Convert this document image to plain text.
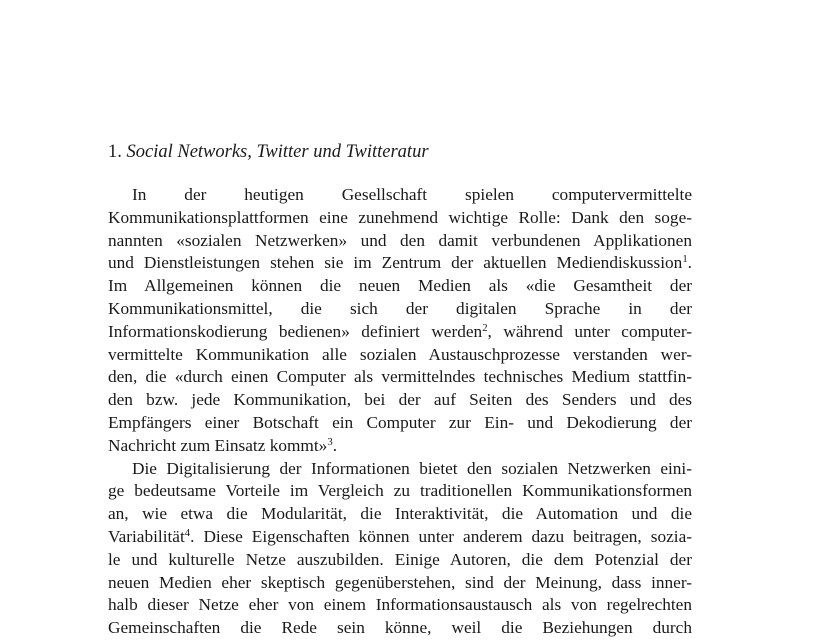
1. Social Networks, Twitter und Twitteratur
In der heutigen Gesellschaft spielen computervermittelte
Kommunikationsplattformen eine zunehmend wichtige Rolle: Dank den soge-
nannten «sozialen Netzwerken» und den damit verbundenen Applikationen
und Dienstleistungen stehen sie im Zentrum der aktuellen Mediendiskussion$^1$.
Im Allgemeinen können die neuen Medien als «die Gesamtheit der
Kommunikationsmittel, die sich der digitalen Sprache in der
Informationskodierung bedienen» definiert werden$^2$, während unter computer-
vermittelte Kommunikation alle sozialen Austauschprozesse verstanden wer-
den, die «durch einen Computer als vermittelndes technisches Medium stattfin-
den bzw. jede Kommunikation, bei der auf Seiten des Senders und des
Empfängers einer Botschaft ein Computer zur Ein- und Dekodierung der
Nachricht zum Einsatz kommt»$^3$.
Die Digitalisierung der Informationen bietet den sozialen Netzwerken eini-
ge bedeutsame Vorteile im Vergleich zu traditionellen Kommunikationsformen
an, wie etwa die Modularität, die Interaktivität, die Automation und die
Variabilität$^4$. Diese Eigenschaften können unter anderem dazu beitragen, sozia-
le und kulturelle Netze auszubilden. Einige Autoren, die dem Potenzial der
neuen Medien eher skeptisch gegenüberstehen, sind der Meinung, dass inner-
halb dieser Netze eher von einem Informationsaustausch als von regelrechten
Gemeinschaften die Rede sein könne, weil die Beziehungen durch
